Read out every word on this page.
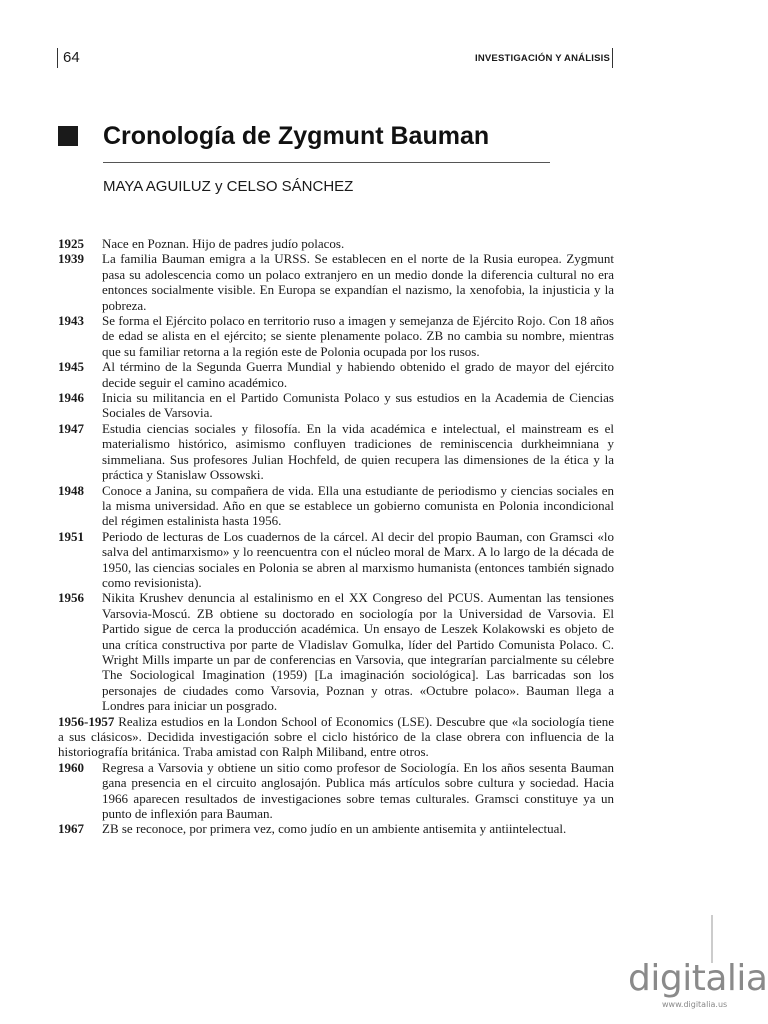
64	INVESTIGACIÓN Y ANÁLISIS
Cronología de Zygmunt Bauman

MAYA AGUILUZ y CELSO SÁNCHEZ

1925	Nace en Poznan. Hijo de padres judío polacos.
1939	La familia Bauman emigra a la URSS. Se establecen en el norte de la Rusia europea. Zygmunt pasa su adolescencia como un polaco extranjero en un medio donde la diferencia cultural no era entonces socialmente visible. En Europa se expandían el nazismo, la xenofobia, la injusticia y la pobreza.
1943	Se forma el Ejército polaco en territorio ruso a imagen y semejanza de Ejército Rojo. Con 18 años de edad se alista en el ejército; se siente plenamente polaco. ZB no cambia su nombre, mientras que su familiar retorna a la región este de Polonia ocupada por los rusos.
1945	Al término de la Segunda Guerra Mundial y habiendo obtenido el grado de mayor del ejército decide seguir el camino académico.
1946	Inicia su militancia en el Partido Comunista Polaco y sus estudios en la Academia de Ciencias Sociales de Varsovia.
1947	Estudia ciencias sociales y filosofía. En la vida académica e intelectual, el mainstream es el materialismo histórico, asimismo confluyen tradiciones de reminiscencia durkheimniana y simmeliana. Sus profesores Julian Hochfeld, de quien recupera las dimensiones de la ética y la práctica y Stanislaw Ossowski.
1948	Conoce a Janina, su compañera de vida. Ella una estudiante de periodismo y ciencias sociales en la misma universidad. Año en que se establece un gobierno comunista en Polonia incondicional del régimen estalinista hasta 1956.
1951	Periodo de lecturas de Los cuadernos de la cárcel. Al decir del propio Bauman, con Gramsci «lo salva del antimarxismo» y lo reencuentra con el núcleo moral de Marx. A lo largo de la década de 1950, las ciencias sociales en Polonia se abren al marxismo humanista (entonces también signado como revisionista).
1956	Nikita Krushev denuncia al estalinismo en el XX Congreso del PCUS. Aumentan las tensiones Varsovia-Moscú. ZB obtiene su doctorado en sociología por la Universidad de Varsovia. El Partido sigue de cerca la producción académica. Un ensayo de Leszek Kolakowski es objeto de una crítica constructiva por parte de Vladislav Gomulka, líder del Partido Comunista Polaco. C. Wright Mills imparte un par de conferencias en Varsovia, que integrarían parcialmente su célebre The Sociological Imagination (1959) [La imaginación sociológica]. Las barricadas son los personajes de ciudades como Varsovia, Poznan y otras. «Octubre polaco». Bauman llega a Londres para iniciar un posgrado.
1956-1957 Realiza estudios en la London School of Economics (LSE). Descubre que «la sociología tiene a sus clásicos». Decidida investigación sobre el ciclo histórico de la clase obrera con influencia de la historiografía británica. Traba amistad con Ralph Miliband, entre otros.
1960	Regresa a Varsovia y obtiene un sitio como profesor de Sociología. En los años sesenta Bauman gana presencia en el circuito anglosajón. Publica más artículos sobre cultura y sociedad. Hacia 1966 aparecen resultados de investigaciones sobre temas culturales. Gramsci constituye ya un punto de inflexión para Bauman.
1967	ZB se reconoce, por primera vez, como judío en un ambiente antisemita y antiintelectual.
digitalia
www.digitalia.us
